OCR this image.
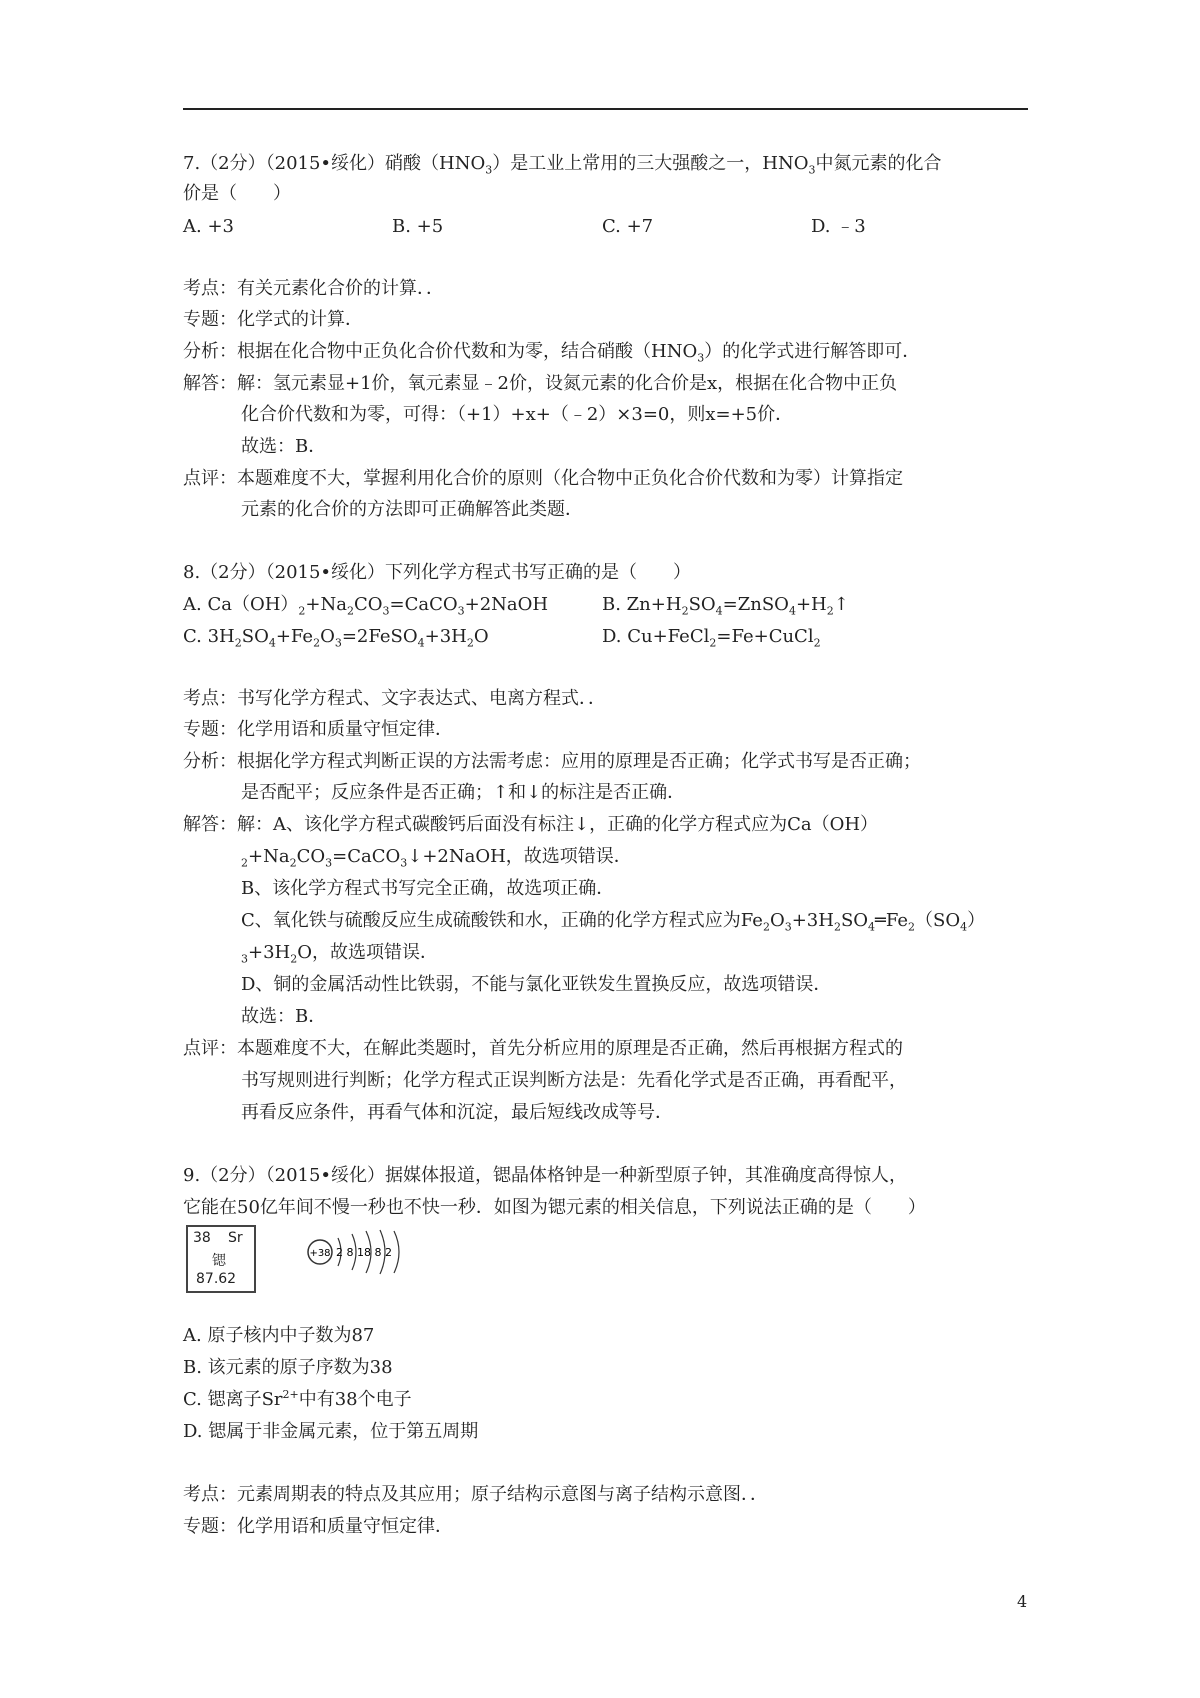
7.（2分）（2015•绥化）硝酸$(HNO_3)$是工业上常用的三大强酸之一，$HNO_3$中氮元素的化合
价是（　　）
A. +3	B. +5	C. +7	D. ﹣3
考点：有关元素化合价的计算．．
专题：化学式的计算．
分析：根据在化合物中正负化合价代数和为零，结合硝酸$(HNO_3)$的化学式进行解答即可．
解答：解：氢元素显+1价，氧元素显﹣2价，设氮元素的化合价是x，根据在化合物中正负
化合价代数和为零，可得：（+1）+x+（﹣2）×3=0，则x=+5价．
故选：B．
点评：本题难度不大，掌握利用化合价的原则（化合物中正负化合价代数和为零）计算指定
元素的化合价的方法即可正确解答此类题．
8.（2分）（2015•绥化）下列化学方程式书写正确的是（　　）
A. $Ca(OH)_2+Na_2CO_3=CaCO_3+2NaOH$	B. $Zn+H_2SO_4=ZnSO_4+H_2↑$
C. $3H_2SO_4+Fe_2O_3=2FeSO_4+3H_2O$	D. Cu+FeCl$_2$=Fe+CuCl$_2$
考点：书写化学方程式、文字表达式、电离方程式．．
专题：化学用语和质量守恒定律．
分析：根据化学方程式判断正误的方法需考虑：应用的原理是否正确；化学式书写是否正确；
是否配平；反应条件是否正确；↑和↓的标注是否正确．
解答：解：A、该化学方程式碳酸钙后面没有标注↓，正确的化学方程式应为Ca（OH）
$_2+Na_2CO_3=CaCO_3↓+2NaOH$，故选项错误．
B、该化学方程式书写完全正确，故选项正确．
C、氧化铁与硫酸反应生成硫酸铁和水，正确的化学方程式应为$Fe_2O_3+3H_2SO_4═Fe_2(SO_4)$
$_3+3H_2O$，故选项错误．
D、铜的金属活动性比铁弱，不能与氯化亚铁发生置换反应，故选项错误．
故选：B．
点评：本题难度不大，在解此类题时，首先分析应用的原理是否正确，然后再根据方程式的
书写规则进行判断；化学方程式正误判断方法是：先看化学式是否正确，再看配平，
再看反应条件，再看气体和沉淀，最后短线改成等号．
9.（2分）（2015•绥化）据媒体报道，锶晶体格钟是一种新型原子钟，其准确度高得惊人，
它能在50亿年间不慢一秒也不快一秒．如图为锶元素的相关信息，下列说法正确的是（　　）
38 Sr
锶
87.62
+38 2 8 18 8 2
A. 原子核内中子数为87
B. 该元素的原子序数为38
C. 锶离子$Sr^{2+}$中有38个电子
D. 锶属于非金属元素，位于第五周期
考点：元素周期表的特点及其应用；原子结构示意图与离子结构示意图．．
专题：化学用语和质量守恒定律．
4
